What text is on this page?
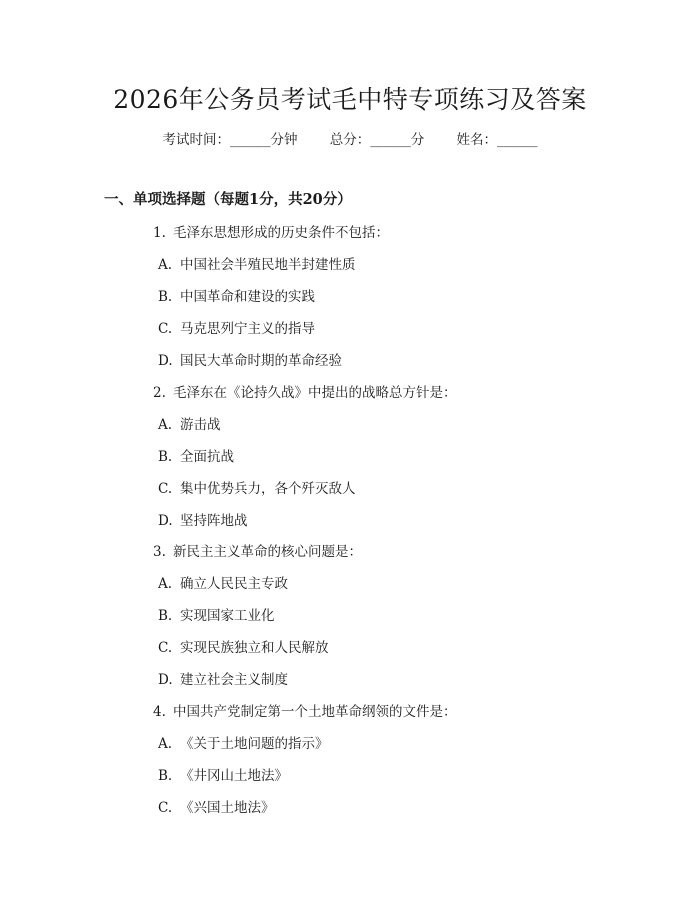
2026年公务员考试毛中特专项练习及答案
考试时间：______分钟 总分：______分 姓名：______
一、单项选择题（每题1分，共20分）
1. 毛泽东思想形成的历史条件不包括：
A. 中国社会半殖民地半封建性质
B. 中国革命和建设的实践
C. 马克思列宁主义的指导
D. 国民大革命时期的革命经验
2. 毛泽东在《论持久战》中提出的战略总方针是：
A. 游击战
B. 全面抗战
C. 集中优势兵力，各个歼灭敌人
D. 坚持阵地战
3. 新民主主义革命的核心问题是：
A. 确立人民民主专政
B. 实现国家工业化
C. 实现民族独立和人民解放
D. 建立社会主义制度
4. 中国共产党制定第一个土地革命纲领的文件是：
A. 《关于土地问题的指示》
B. 《井冈山土地法》
C. 《兴国土地法》
